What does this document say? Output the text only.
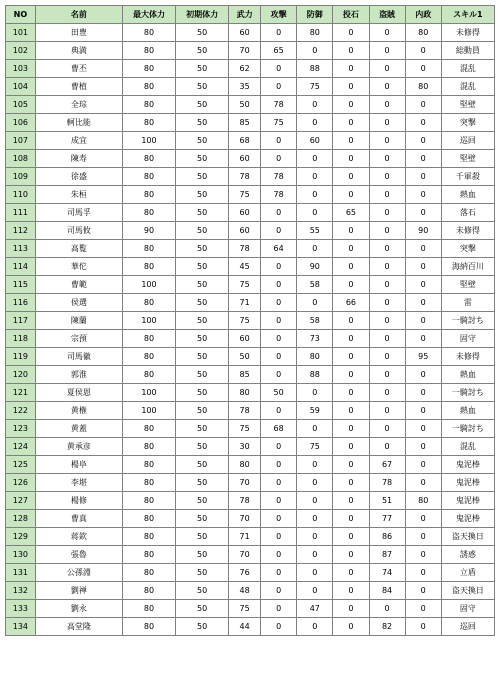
NO	名前	最大体力	初期体力	武力	攻撃	防御	投石	盗賊	内政	スキル1
101	田豊	80	50	60	0	80	0	0	80	未修得
102	典満	80	50	70	65	0	0	0	0	総動員
103	曹丕	80	50	62	0	88	0	0	0	混乱
104	曹植	80	50	35	0	75	0	0	80	混乱
105	全琮	80	50	50	78	0	0	0	0	堅壁
106	軻比能	80	50	85	75	0	0	0	0	突撃
107	成宜	100	50	68	0	60	0	0	0	巡回
108	陳寿	80	50	60	0	0	0	0	0	堅壁
109	徐盛	80	50	78	78	0	0	0	0	千軍殺
110	朱桓	80	50	75	78	0	0	0	0	熱血
111	司馬孚	80	50	60	0	0	65	0	0	落石
112	司馬攸	90	50	60	0	55	0	0	90	未修得
113	高覧	80	50	78	64	0	0	0	0	突撃
114	華佗	80	50	45	0	90	0	0	0	海納百川
115	曹範	100	50	75	0	58	0	0	0	堅壁
116	侯選	80	50	71	0	0	66	0	0	雷
117	陳蘭	100	50	75	0	58	0	0	0	一騎討ち
118	宗預	80	50	60	0	73	0	0	0	固守
119	司馬徽	80	50	50	0	80	0	0	95	未修得
120	郭淮	80	50	85	0	88	0	0	0	熱血
121	夏侯恩	100	50	80	50	0	0	0	0	一騎討ち
122	黄権	100	50	78	0	59	0	0	0	熱血
123	黄蓋	80	50	75	68	0	0	0	0	一騎討ち
124	黄承彦	80	50	30	0	75	0	0	0	混乱
125	楊阜	80	50	80	0	0	0	67	0	鬼泥棒
126	李堪	80	50	70	0	0	0	78	0	鬼泥棒
127	楊修	80	50	78	0	0	0	51	80	鬼泥棒
128	曹真	80	50	70	0	0	0	77	0	鬼泥棒
129	蒋欽	80	50	71	0	0	0	86	0	盗天換日
130	張魯	80	50	70	0	0	0	87	0	誘惑
131	公孫淵	80	50	76	0	0	0	74	0	立盾
132	劉禅	80	50	48	0	0	0	84	0	盗天換日
133	劉永	80	50	75	0	47	0	0	0	固守
134	高堂隆	80	50	44	0	0	0	82	0	巡回
